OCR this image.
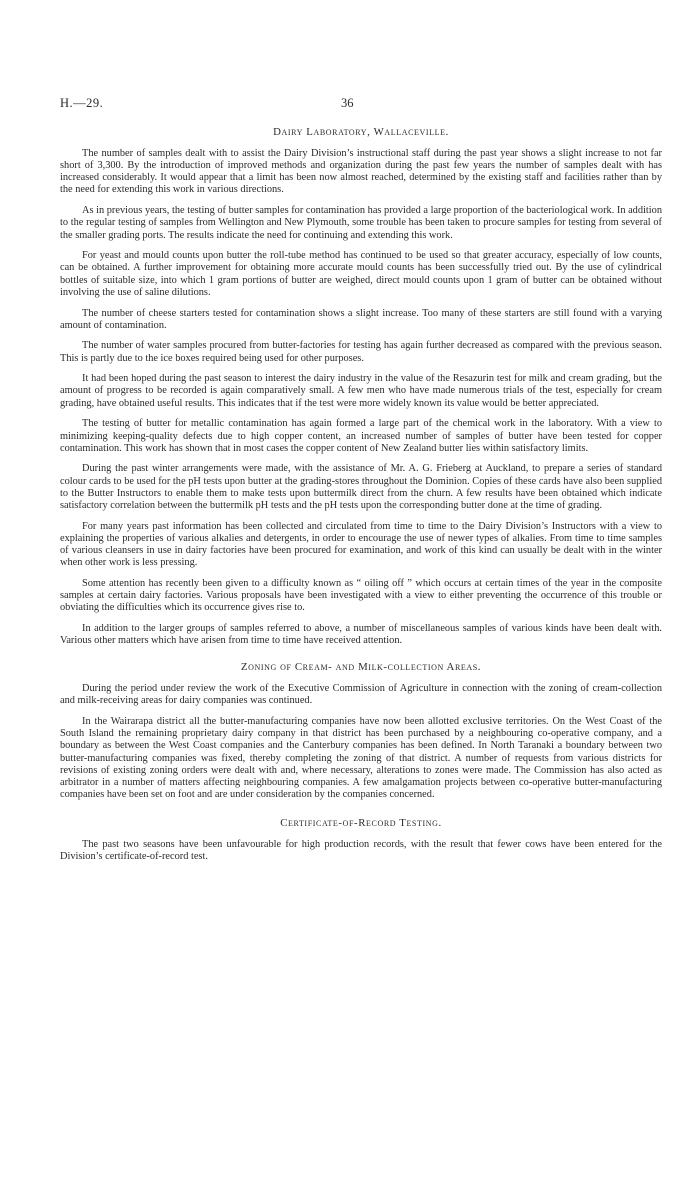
H.—29.	36
Dairy Laboratory, Wallaceville.

The number of samples dealt with to assist the Dairy Division’s instructional staff during the past year shows a slight increase to not far short of 3,300. By the introduction of improved methods and organization during the past few years the number of samples dealt with has increased considerably. It would appear that a limit has been now almost reached, determined by the existing staff and facilities rather than by the need for extending this work in various directions.

As in previous years, the testing of butter samples for contamination has provided a large proportion of the bacteriological work. In addition to the regular testing of samples from Wellington and New Plymouth, some trouble has been taken to procure samples for testing from several of the smaller grading ports. The results indicate the need for continuing and extending this work.

For yeast and mould counts upon butter the roll-tube method has continued to be used so that greater accuracy, especially of low counts, can be obtained. A further improvement for obtaining more accurate mould counts has been successfully tried out. By the use of cylindrical bottles of suitable size, into which 1 gram portions of butter are weighed, direct mould counts upon 1 gram of butter can be obtained without involving the use of saline dilutions.

The number of cheese starters tested for contamination shows a slight increase. Too many of these starters are still found with a varying amount of contamination.

The number of water samples procured from butter-factories for testing has again further decreased as compared with the previous season. This is partly due to the ice boxes required being used for other purposes.

It had been hoped during the past season to interest the dairy industry in the value of the Resazurin test for milk and cream grading, but the amount of progress to be recorded is again comparatively small. A few men who have made numerous trials of the test, especially for cream grading, have obtained useful results. This indicates that if the test were more widely known its value would be better appreciated.

The testing of butter for metallic contamination has again formed a large part of the chemical work in the laboratory. With a view to minimizing keeping-quality defects due to high copper content, an increased number of samples of butter have been tested for copper contamination. This work has shown that in most cases the copper content of New Zealand butter lies within satisfactory limits.

During the past winter arrangements were made, with the assistance of Mr. A. G. Frieberg at Auckland, to prepare a series of standard colour cards to be used for the pH tests upon butter at the grading-stores throughout the Dominion. Copies of these cards have also been supplied to the Butter Instructors to enable them to make tests upon buttermilk direct from the churn. A few results have been obtained which indicate satisfactory correlation between the buttermilk pH tests and the pH tests upon the corresponding butter done at the time of grading.

For many years past information has been collected and circulated from time to time to the Dairy Division’s Instructors with a view to explaining the properties of various alkalies and detergents, in order to encourage the use of newer types of alkalies. From time to time samples of various cleansers in use in dairy factories have been procured for examination, and work of this kind can usually be dealt with in the winter when other work is less pressing.

Some attention has recently been given to a difficulty known as “ oiling off ” which occurs at certain times of the year in the composite samples at certain dairy factories. Various proposals have been investigated with a view to either preventing the occurrence of this trouble or obviating the difficulties which its occurrence gives rise to.

In addition to the larger groups of samples referred to above, a number of miscellaneous samples of various kinds have been dealt with. Various other matters which have arisen from time to time have received attention.

Zoning of Cream- and Milk-collection Areas.

During the period under review the work of the Executive Commission of Agriculture in connection with the zoning of cream-collection and milk-receiving areas for dairy companies was continued.

In the Wairarapa district all the butter-manufacturing companies have now been allotted exclusive territories. On the West Coast of the South Island the remaining proprietary dairy company in that district has been purchased by a neighbouring co-operative company, and a boundary as between the West Coast companies and the Canterbury companies has been defined. In North Taranaki a boundary between two butter-manufacturing companies was fixed, thereby completing the zoning of that district. A number of requests from various districts for revisions of existing zoning orders were dealt with and, where necessary, alterations to zones were made. The Commission has also acted as arbitrator in a number of matters affecting neighbouring companies. A few amalgamation projects between co-operative butter-manufacturing companies have been set on foot and are under consideration by the companies concerned.

Certificate-of-Record Testing.

The past two seasons have been unfavourable for high production records, with the result that fewer cows have been entered for the Division’s certificate-of-record test.
